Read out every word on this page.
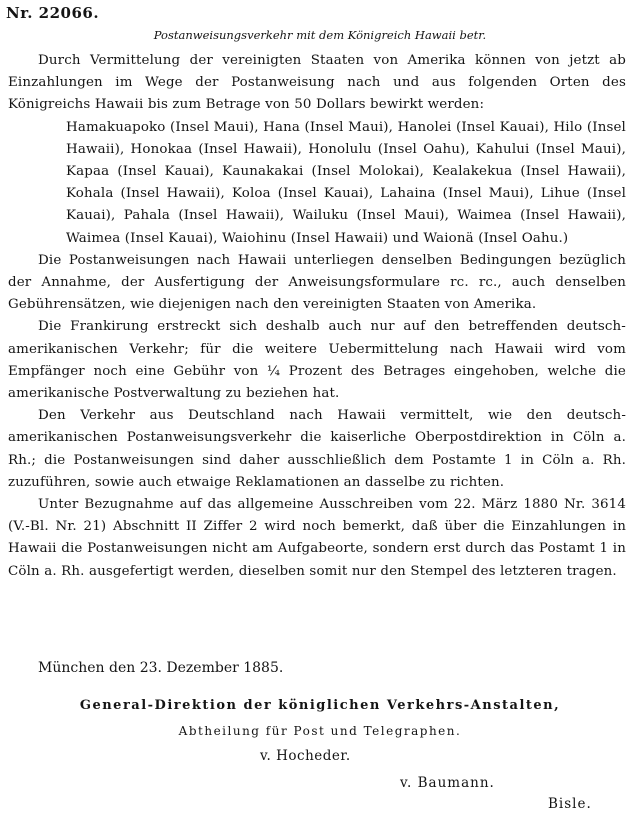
Nr. 22066.
Postanweisungsverkehr mit dem Königreich Hawaii betr.

Durch Vermittelung der vereinigten Staaten von Amerika können von jetzt ab Einzahlungen im Wege der Postanweisung nach und aus folgenden Orten des Königreichs Hawaii bis zum Betrage von 50 Dollars bewirkt werden:

Hamakuapoko (Insel Maui), Hana (Insel Maui), Hanolei (Insel Kauai), Hilo (Insel Hawaii), Honokaa (Insel Hawaii), Honolulu (Insel Oahu), Kahului (Insel Maui), Kapaa (Insel Kauai), Kaunakakai (Insel Molokai), Kealakekua (Insel Hawaii), Kohala (Insel Hawaii), Koloa (Insel Kauai), Lahaina (Insel Maui), Lihue (Insel Kauai), Pahala (Insel Hawaii), Wailuku (Insel Maui), Waimea (Insel Hawaii), Waimea (Insel Kauai), Waiohinu (Insel Hawaii) und Waionä (Insel Oahu.)

Die Postanweisungen nach Hawaii unterliegen denselben Bedingungen bezüglich der Annahme, der Ausfertigung der Anweisungsformulare rc. rc., auch denselben Gebührensätzen, wie diejenigen nach den vereinigten Staaten von Amerika.

Die Frankirung erstreckt sich deshalb auch nur auf den betreffenden deutsch-amerikanischen Verkehr; für die weitere Uebermittelung nach Hawaii wird vom Empfänger noch eine Gebühr von ¼ Prozent des Betrages eingehoben, welche die amerikanische Postverwaltung zu beziehen hat.

Den Verkehr aus Deutschland nach Hawaii vermittelt, wie den deutsch-amerikanischen Postanweisungsverkehr die kaiserliche Oberpostdirektion in Cöln a. Rh.; die Postanweisungen sind daher ausschließlich dem Postamte 1 in Cöln a. Rh. zuzuführen, sowie auch etwaige Reklamationen an dasselbe zu richten.

Unter Bezugnahme auf das allgemeine Ausschreiben vom 22. März 1880 Nr. 3614 (V.-Bl. Nr. 21) Abschnitt II Ziffer 2 wird noch bemerkt, daß über die Einzahlungen in Hawaii die Postanweisungen nicht am Aufgabeorte, sondern erst durch das Postamt 1 in Cöln a. Rh. ausgefertigt werden, dieselben somit nur den Stempel des letzteren tragen.

München den 23. Dezember 1885.
General-Direktion der königlichen Verkehrs-Anstalten,
Abtheilung für Post und Telegraphen.
v. Hocheder.
v. Baumann.
Bisle.
